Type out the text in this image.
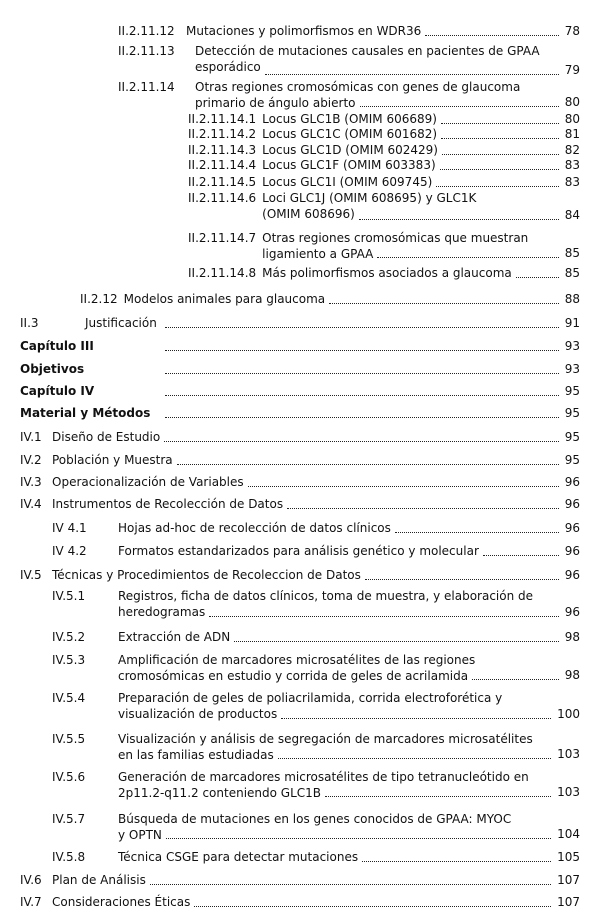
II.2.11.12 Mutaciones y polimorfismos en WDR36	78
II.2.11.13 Detección de mutaciones causales en pacientes de GPAA
esporádico	79
II.2.11.14 Otras regiones cromosómicas con genes de glaucoma
primario de ángulo abierto	80
II.2.11.14.1 Locus GLC1B (OMIM 606689)	80
II.2.11.14.2 Locus GLC1C (OMIM 601682)	81
II.2.11.14.3 Locus GLC1D (OMIM 602429)	82
II.2.11.14.4 Locus GLC1F (OMIM 603383)	83
II.2.11.14.5 Locus GLC1I (OMIM 609745)	83
II.2.11.14.6 Loci GLC1J (OMIM 608695) y GLC1K
(OMIM 608696)	84
II.2.11.14.7 Otras regiones cromosómicas que muestran
ligamiento a GPAA	85
II.2.11.14.8 Más polimorfismos asociados a glaucoma	85
II.2.12 Modelos animales para glaucoma	88
II.3	Justificación	91
Capítulo III	93
Objetivos	93
Capítulo IV	95
Material y Métodos	95
IV.1 Diseño de Estudio	95
IV.2 Población y Muestra	95
IV.3 Operacionalización de Variables	96
IV.4 Instrumentos de Recolección de Datos	96
IV 4.1	Hojas ad-hoc de recolección de datos clínicos	96
IV 4.2	Formatos estandarizados para análisis genético y molecular	96
IV.5 Técnicas y Procedimientos de Recoleccion de Datos	96
IV.5.1	Registros, ficha de datos clínicos, toma de muestra, y elaboración de
heredogramas	96
IV.5.2	Extracción de ADN	98
IV.5.3	Amplificación de marcadores microsatélites de las regiones
cromosómicas en estudio y corrida de geles de acrilamida	98
IV.5.4	Preparación de geles de poliacrilamida, corrida electroforética y
visualización de productos	100
IV.5.5	Visualización y análisis de segregación de marcadores microsatélites
en las familias estudiadas	103
IV.5.6	Generación de marcadores microsatélites de tipo tetranucleótido en
2p11.2-q11.2 conteniendo GLC1B	103
IV.5.7	Búsqueda de mutaciones en los genes conocidos de GPAA: MYOC
y OPTN	104
IV.5.8	Técnica CSGE para detectar mutaciones	105
IV.6 Plan de Análisis	107
IV.7 Consideraciones Éticas	107
